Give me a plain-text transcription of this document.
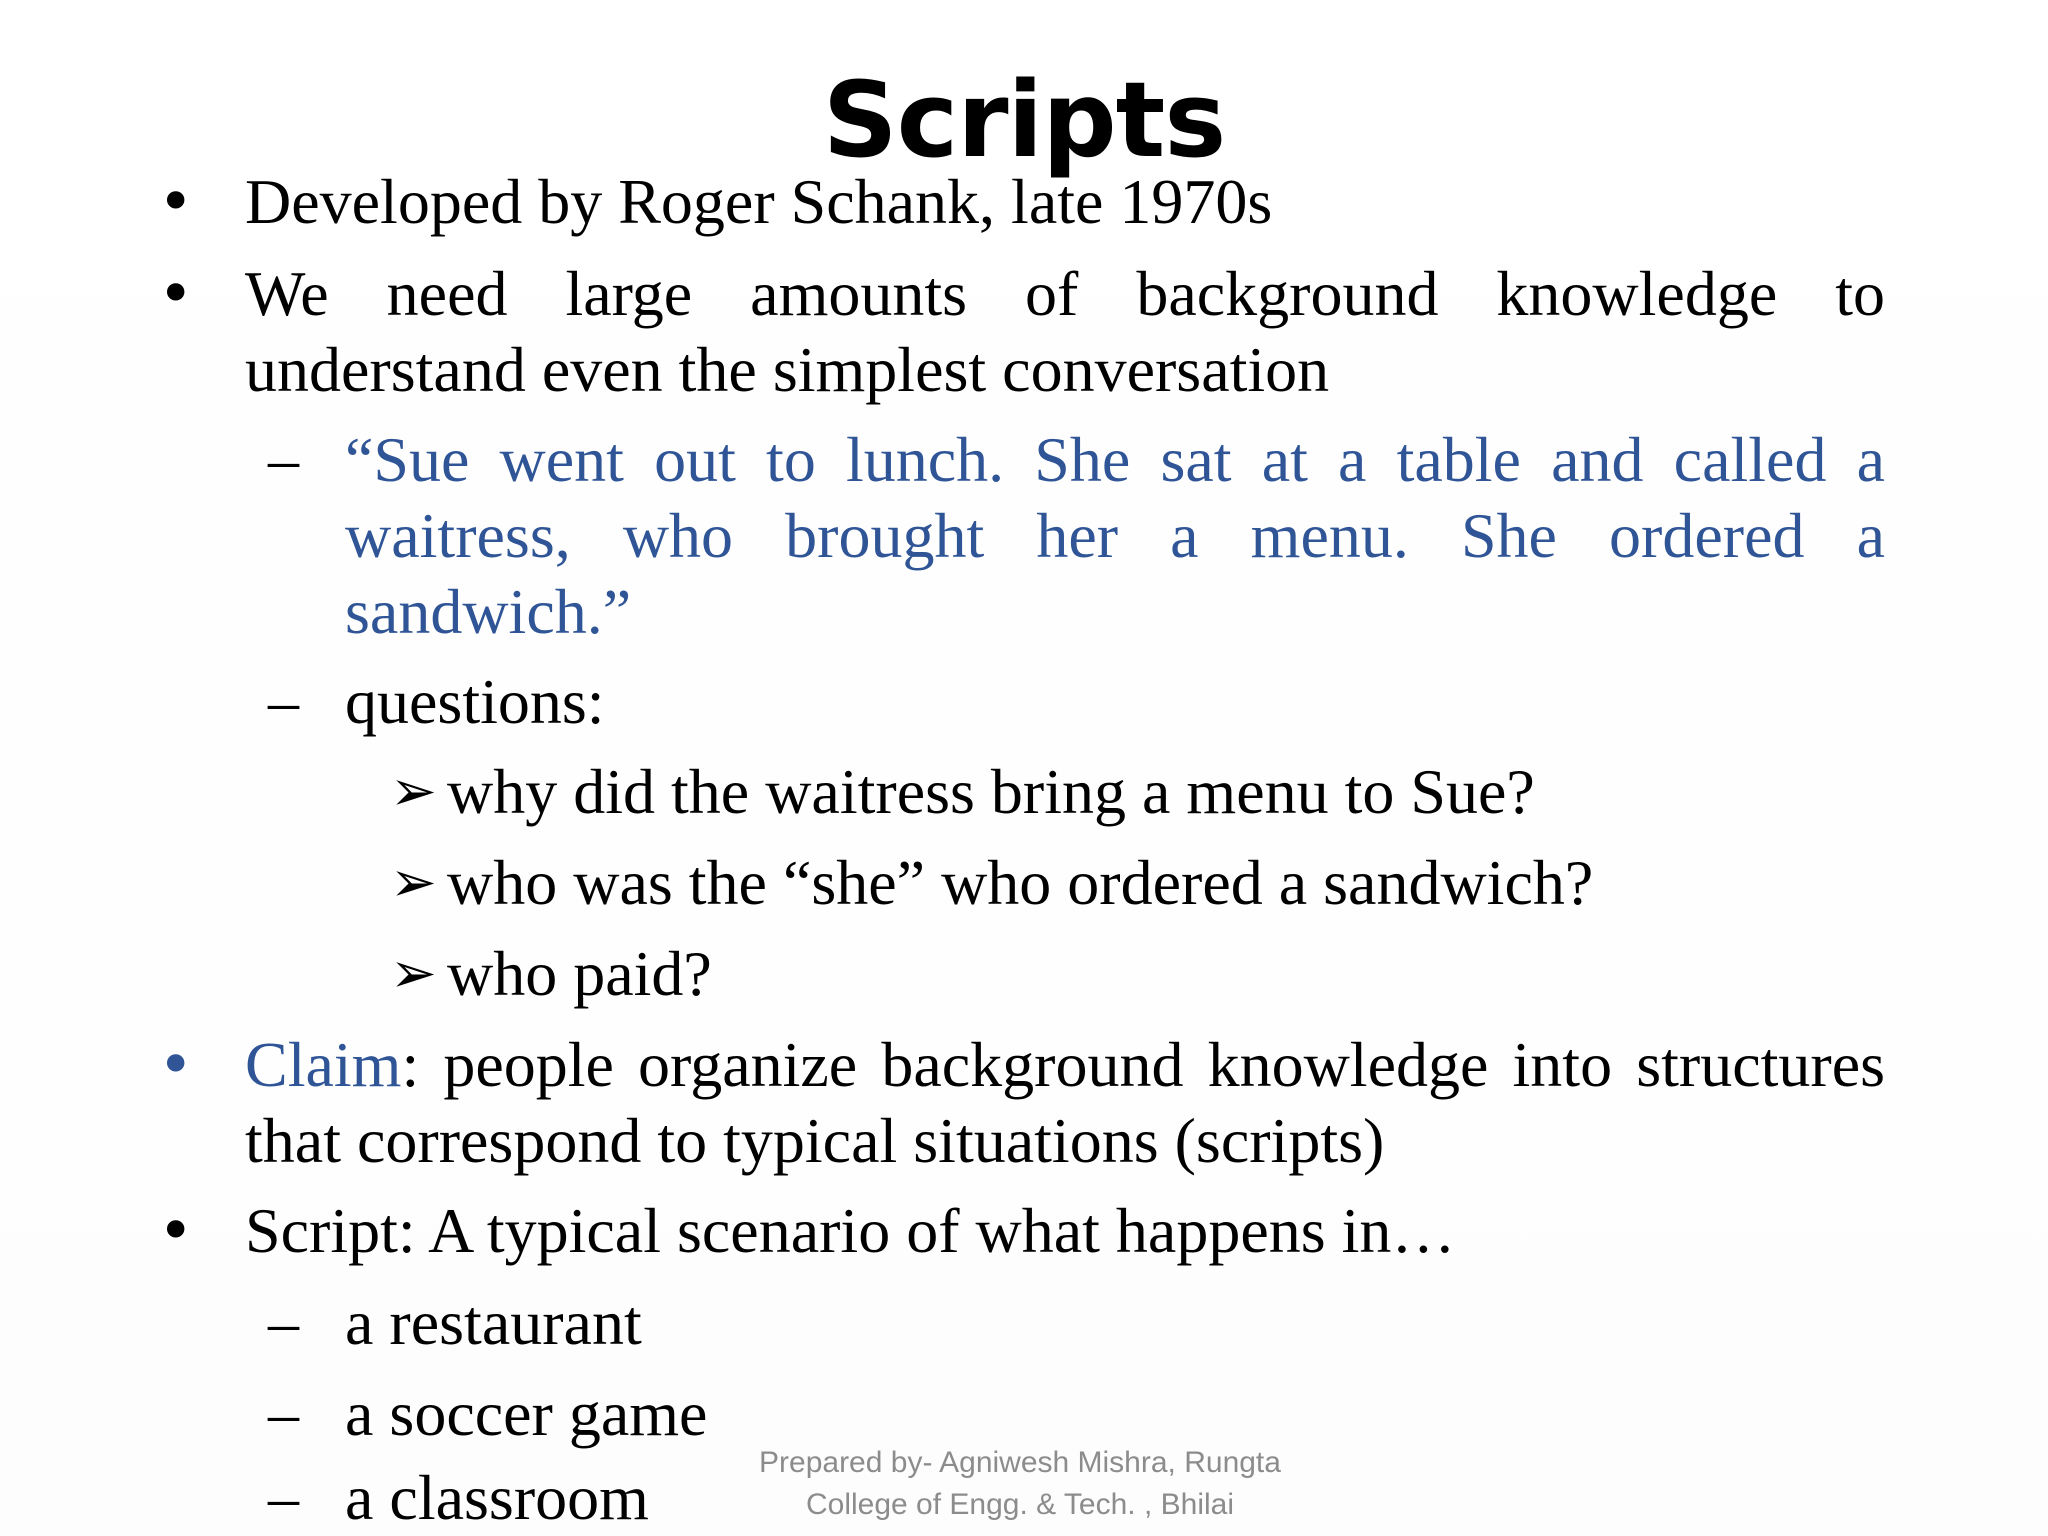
Scripts
• Developed by Roger Schank, late 1970s
• We need large amounts of background knowledge to understand even the simplest conversation
– “Sue went out to lunch. She sat at a table and called a waitress, who brought her a menu. She ordered a sandwich.”
– questions:
➢ why did the waitress bring a menu to Sue?
➢ who was the “she” who ordered a sandwich?
➢ who paid?
• Claim: people organize background knowledge into structures that correspond to typical situations (scripts)
• Script: A typical scenario of what happens in…
– a restaurant
– a soccer game
– a classroom	Prepared by- Agniwesh Mishra, Rungta
College of Engg. & Tech. , Bhilai
